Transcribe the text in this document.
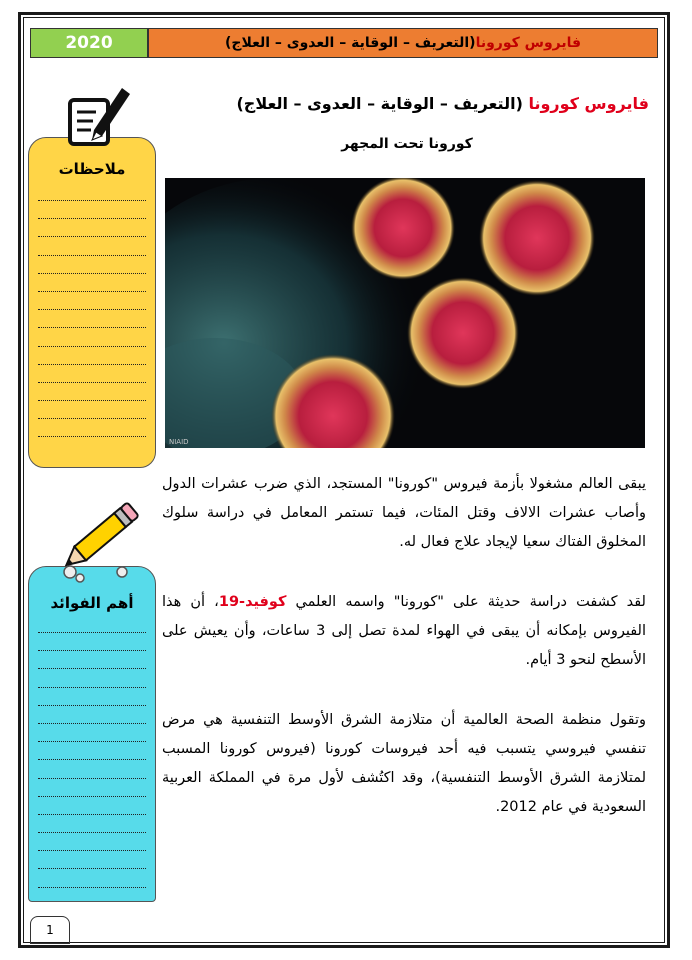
2020	فايروس كورونا
(التعريف – الوقاية – العدوى – العلاج)
ملاحظات
أهم الفوائد
1
فايروس كورونا (التعريف – الوقاية – العدوى – العلاج)
كورونا تحت المجهر
NIAID
يبقى العالم مشغولا بأزمة فيروس "كورونا" المستجد، الذي ضرب عشرات الدول وأصاب عشرات الالاف وقتل المئات، فيما تستمر المعامل في دراسة سلوك المخلوق الفتاك سعيا لإيجاد علاج فعال له.
لقد كشفت دراسة حديثة على "كورونا" واسمه العلمي كوفيد-19، أن هذا الفيروس بإمكانه أن يبقى في الهواء لمدة تصل إلى 3 ساعات، وأن يعيش على الأسطح لنحو 3 أيام.
وتقول منظمة الصحة العالمية أن متلازمة الشرق الأوسط التنفسية هي مرض تنفسي فيروسي يتسبب فيه أحد فيروسات كورونا (فيروس كورونا المسبب لمتلازمة الشرق الأوسط التنفسية)، وقد اكتُشف لأول مرة في المملكة العربية السعودية في عام 2012.
